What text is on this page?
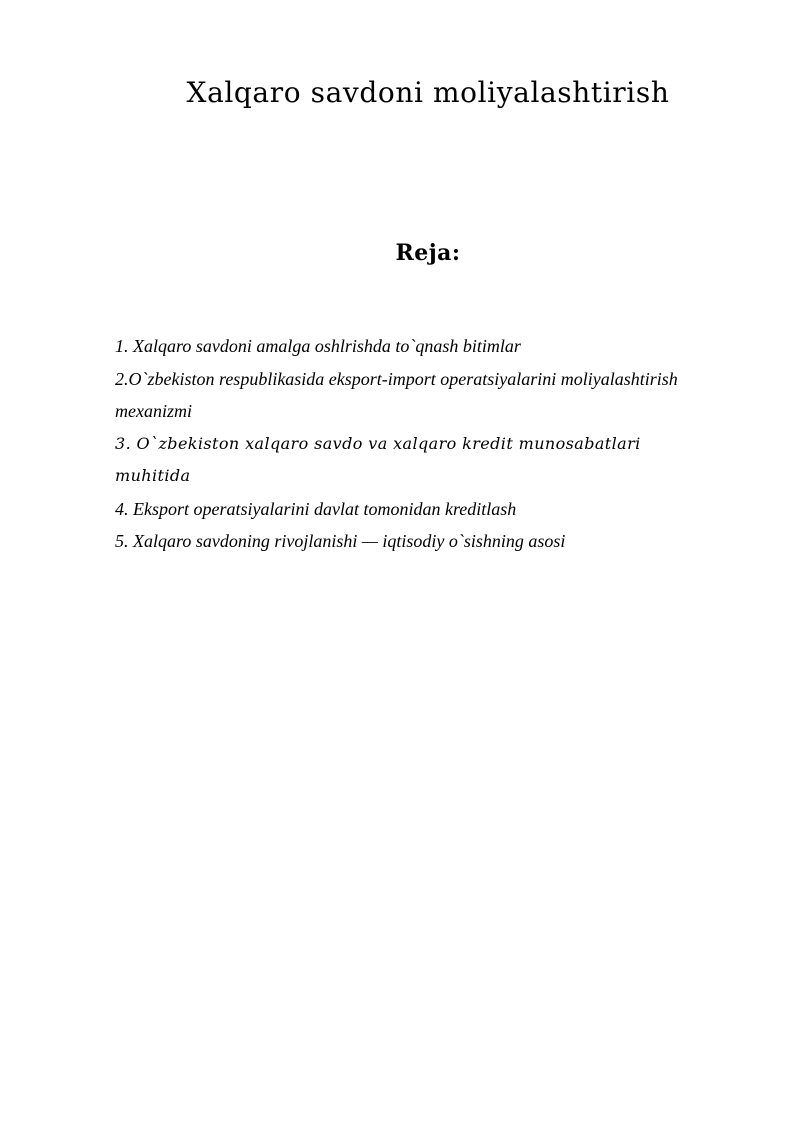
Xalqaro savdoni moliyalashtirish
Reja:
1. Xalqaro savdoni amalga oshlrishda to`qnash bitimlar
2.O`zbekiston respublikasida eksport-import operatsiyalarini moliyalashtirish mexanizmi
3. O`zbekiston xalqaro savdo va xalqaro kredit munosabatlari muhitida
4. Eksport operatsiyalarini davlat tomonidan kreditlash
5. Xalqaro savdoning rivojlanishi — iqtisodiy o`sishning asosi
